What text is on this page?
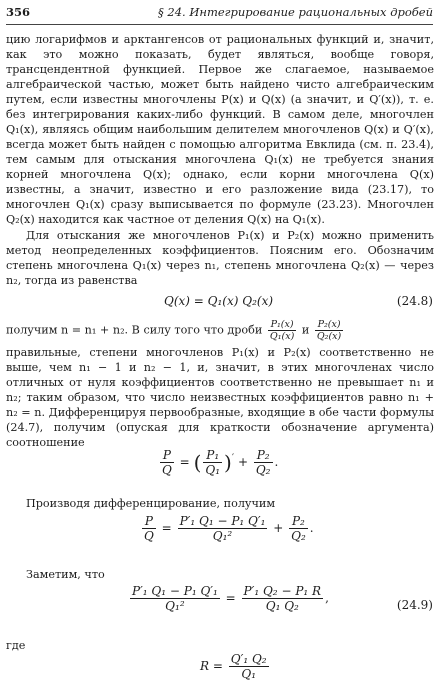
356	§ 24. Интегрирование рациональных дробей
цию логарифмов и арктангенсов от рациональных функций и, значит, как это можно показать, будет являться, вообще говоря, трансцендентной функцией. Первое же слагаемое, называемое алгебраической частью, может быть найдено чисто алгебраическим путем, если известны многочлены P(x) и Q(x) (а значит, и Q′(x)), т. е. без интегрирования каких-либо функций. В самом деле, многочлен Q₁(x), являясь общим наибольшим делителем многочленов Q(x) и Q′(x), всегда может быть найден с помощью алгоритма Евклида (см. п. 23.4), тем самым для отыскания многочлена Q₁(x) не требуется знания корней многочлена Q(x); однако, если корни многочлена Q(x) известны, а значит, известно и его разложение вида (23.17), то многочлен Q₁(x) сразу выписывается по формуле (23.23). Многочлен Q₂(x) находится как частное от деления Q(x) на Q₁(x).
Для отыскания же многочленов P₁(x) и P₂(x) можно применить метод неопределенных коэффициентов. Поясним его. Обозначим степень многочлена Q₁(x) через n₁, степень многочлена Q₂(x) — через n₂, тогда из равенства
Q(x) = Q₁(x) Q₂(x)	(24.8)
получим n = n₁ + n₂. В силу того что дроби $\frac{\text{P₁(x)}}{\text{Q₁(x)}}$ и $\frac{\text{P₂(x)}}{\text{Q₂(x)}}$
правильные, степени многочленов P₁(x) и P₂(x) соответственно не выше, чем n₁ − 1 и n₂ − 1, и, значит, в этих многочленах число отличных от нуля коэффициентов соответственно не превышает n₁ и n₂; таким образом, что число неизвестных коэффициентов равно n₁ + n₂ = n. Дифференцируя первообразные, входящие в обе части формулы (24.7), получим (опуская для краткости обозначение аргумента) соотношение
$\frac{P}{Q}$ = ( $\frac{\text{P₁}}{\text{Q₁}} )' + \frac{\text{P₂}}{\text{Q₂}}$ .
Производя дифференцирование, получим
$\frac{P}{Q} = \frac{\text{P′₁ Q₁ − P₁ Q′₁}}{\text{Q₁²}} + \frac{\text{P₂}}{\text{Q₂}}$ .
Заметим, что
$\frac{\text{P′₁ Q₁ − P₁ Q′₁}}{\text{Q₁²}} = \frac{\text{P′₁ Q₂ − P₁ R}}{\text{Q₁ Q₂}}$ ,	(24.9)
где
$R = \frac{\text{Q′₁ Q₂}}{\text{Q₁}}$
